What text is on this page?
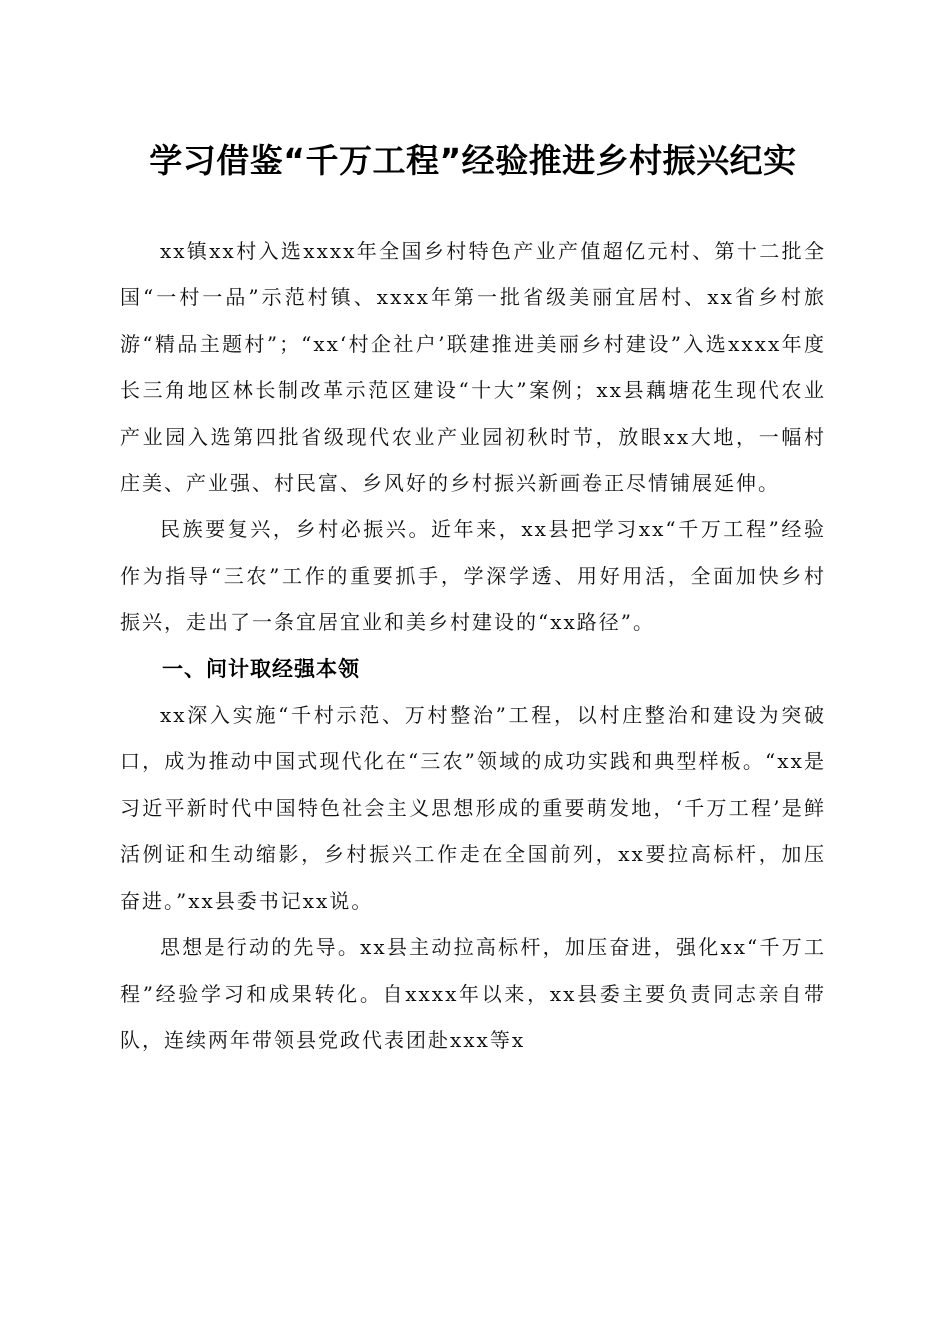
学习借鉴“千万工程”经验推进乡村振兴纪实

xx镇xx村入选xxxx年全国乡村特色产业产值超亿元村、第十二批全国“一村一品”示范村镇、xxxx年第一批省级美丽宜居村、xx省乡村旅游“精品主题村”；“xx‘村企社户’联建推进美丽乡村建设”入选xxxx年度长三角地区林长制改革示范区建设“十大”案例；xx县藕塘花生现代农业产业园入选第四批省级现代农业产业园初秋时节，放眼xx大地，一幅村庄美、产业强、村民富、乡风好的乡村振兴新画卷正尽情铺展延伸。

民族要复兴，乡村必振兴。近年来，xx县把学习xx“千万工程”经验作为指导“三农”工作的重要抓手，学深学透、用好用活，全面加快乡村振兴，走出了一条宜居宜业和美乡村建设的“xx路径”。

一、问计取经强本领

xx深入实施“千村示范、万村整治”工程，以村庄整治和建设为突破口，成为推动中国式现代化在“三农”领域的成功实践和典型样板。“xx是习近平新时代中国特色社会主义思想形成的重要萌发地，‘千万工程’是鲜活例证和生动缩影，乡村振兴工作走在全国前列，xx要拉高标杆，加压奋进。”xx县委书记xx说。

思想是行动的先导。xx县主动拉高标杆，加压奋进，强化xx“千万工程”经验学习和成果转化。自xxxx年以来，xx县委主要负责同志亲自带队，连续两年带领县党政代表团赴xxx等x
